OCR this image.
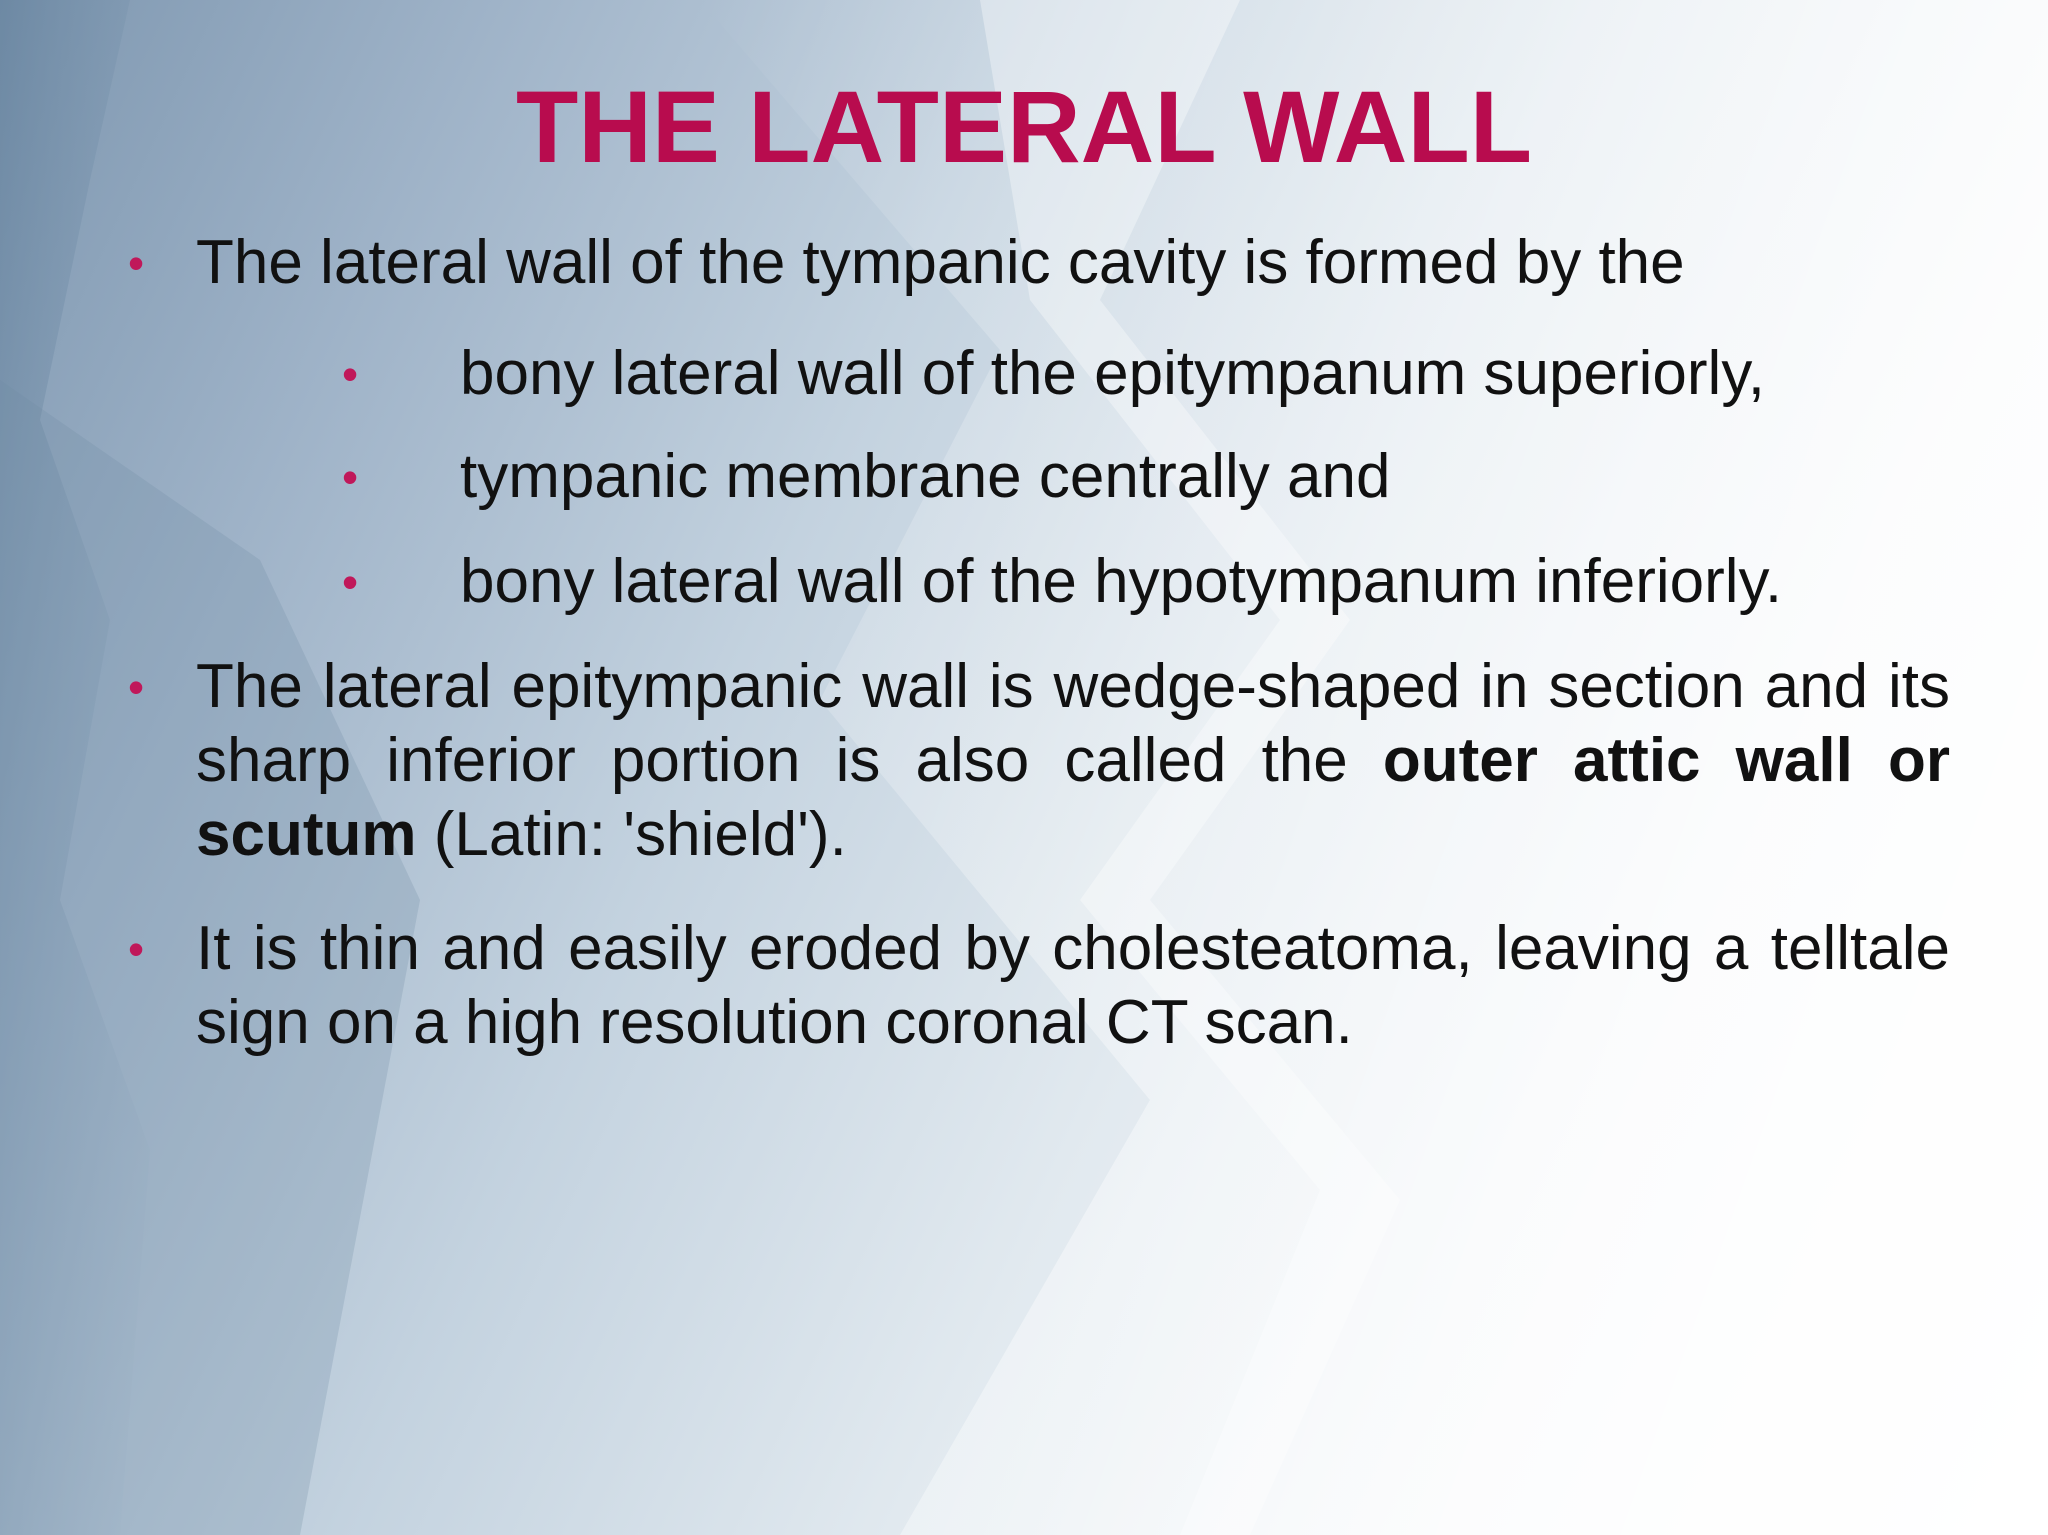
THE LATERAL WALL
• The lateral wall of the tympanic cavity is formed by the
• bony lateral wall of the epitympanum superiorly,
• tympanic membrane centrally and
• bony lateral wall of the hypotympanum inferiorly.
• The lateral epitympanic wall is wedge-shaped in section and its sharp inferior portion is also called the outer attic wall or scutum (Latin: 'shield').
• It is thin and easily eroded by cholesteatoma, leaving a telltale sign on a high resolution coronal CT scan.
